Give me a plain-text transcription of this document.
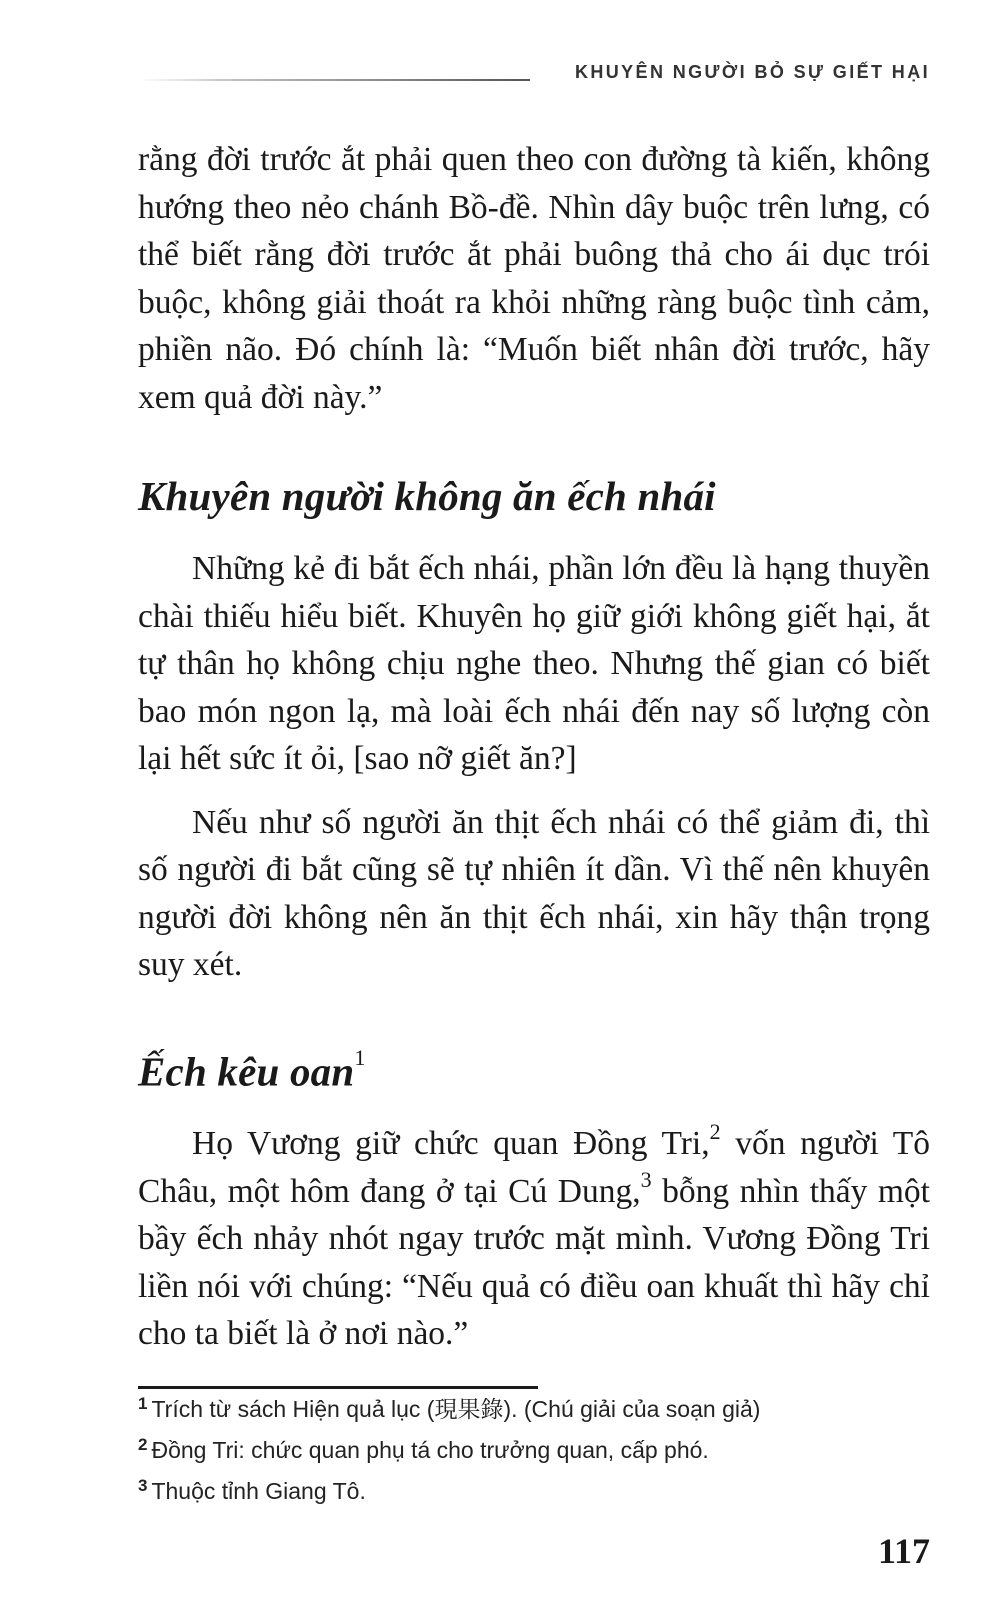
KHUYÊN NGƯỜI BỎ SỰ GIẾT HẠI

rằng đời trước ắt phải quen theo con đường tà kiến, không hướng theo nẻo chánh Bồ-đề. Nhìn dây buộc trên lưng, có thể biết rằng đời trước ắt phải buông thả cho ái dục trói buộc, không giải thoát ra khỏi những ràng buộc tình cảm, phiền não. Đó chính là: “Muốn biết nhân đời trước, hãy xem quả đời này.”

Khuyên người không ăn ếch nhái

Những kẻ đi bắt ếch nhái, phần lớn đều là hạng thuyền chài thiếu hiểu biết. Khuyên họ giữ giới không giết hại, ắt tự thân họ không chịu nghe theo. Nhưng thế gian có biết bao món ngon lạ, mà loài ếch nhái đến nay số lượng còn lại hết sức ít ỏi, [sao nỡ giết ăn?]

Nếu như số người ăn thịt ếch nhái có thể giảm đi, thì số người đi bắt cũng sẽ tự nhiên ít dần. Vì thế nên khuyên người đời không nên ăn thịt ếch nhái, xin hãy thận trọng suy xét.

Ếch kêu oan$^1$

Họ Vương giữ chức quan Đồng Tri,$^2$ vốn người Tô Châu, một hôm đang ở tại Cú Dung,$^3$ bỗng nhìn thấy một bầy ếch nhảy nhót ngay trước mặt mình. Vương Đồng Tri liền nói với chúng: “Nếu quả có điều oan khuất thì hãy chỉ cho ta biết là ở nơi nào.”

$^1$ Trích từ sách Hiện quả lục (現果錄). (Chú giải của soạn giả)
$^2$ Đồng Tri: chức quan phụ tá cho trưởng quan, cấp phó.
$^3$ Thuộc tỉnh Giang Tô.
117
